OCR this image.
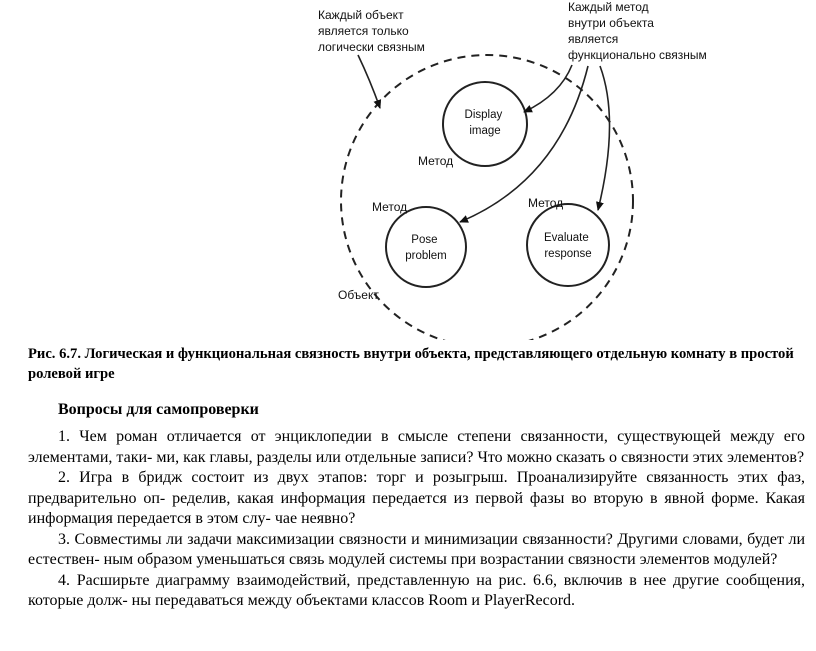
Каждый объект является только логически связным
Каждый метод внутри объекта является функционально связным
Метод
Метод	Метод
Display image
Pose problem
Evaluate response
Объект
Рис. 6.7. Логическая и функциональная связность внутри объекта, представляющего отдельную комнату в простой ролевой игре
Вопросы для самопроверки

1. Чем роман отличается от энциклопедии в смысле степени связанности, существующей между его элементами, таки- ми, как главы, разделы или отдельные записи? Что можно сказать о связности этих элементов?

2. Игра в бридж состоит из двух этапов: торг и розыгрыш. Проанализируйте связанность этих фаз, предварительно оп- ределив, какая информация передается из первой фазы во вторую в явной форме. Какая информация передается в этом слу- чае неявно?

3. Совместимы ли задачи максимизации связности и минимизации связанности? Другими словами, будет ли естествен- ным образом уменьшаться связь модулей системы при возрастании связности элементов модулей?

4. Расширьте диаграмму взаимодействий, представленную на рис. 6.6, включив в нее другие сообщения, которые долж- ны передаваться между объектами классов Room и PlayerRecord.
